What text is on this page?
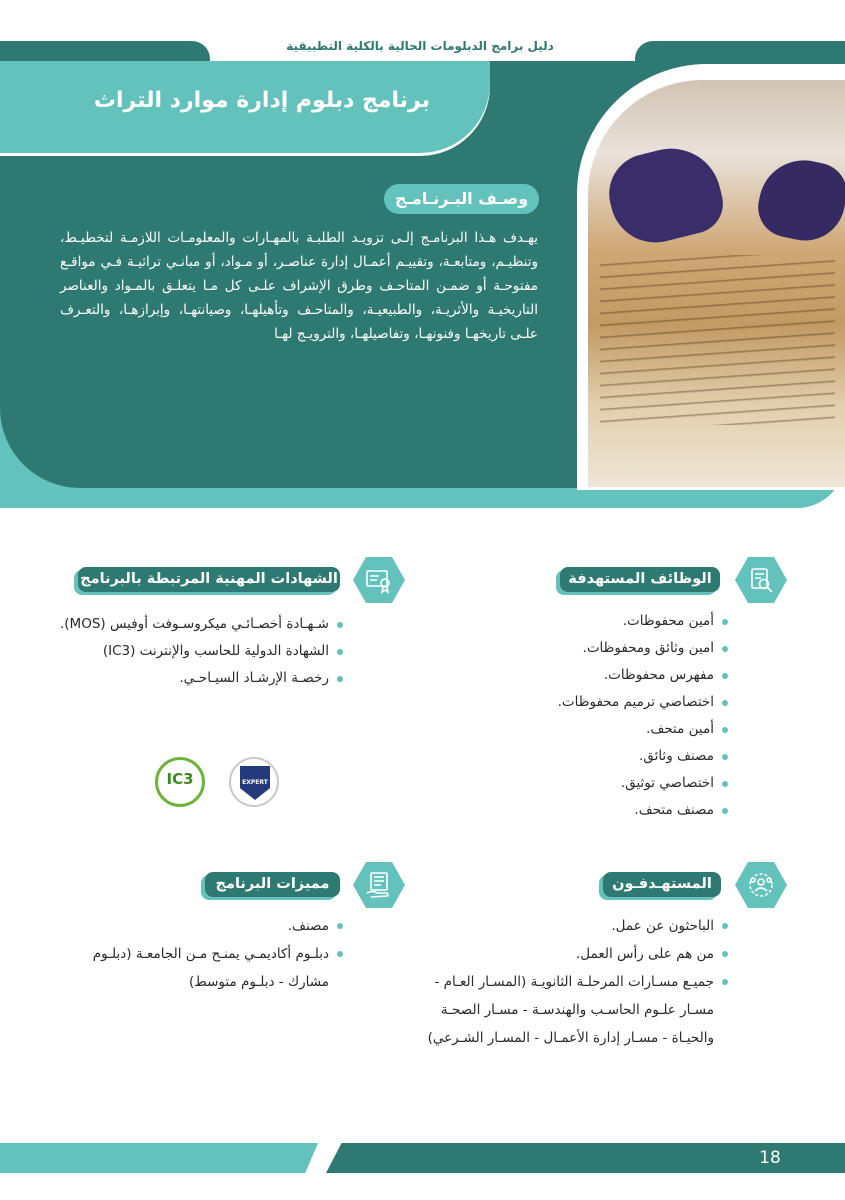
دليل برامج الدبلومات الحالية بالكلية التطبيقية
برنامج دبلوم إدارة موارد التراث
وصـف البـرنـامـج

يهـدف هـذا البرنامـج إلـى تزويـد الطلبـة بالمهـارات والمعلومـات اللازمـة لتخطيـط، وتنظيـم، ومتابعـة، وتقييـم أعمـال إدارة عناصـر، أو مـواد، أو مبانـي تراثيـة فـي مواقـع مفتوحـة أو ضمـن المتاحـف وطرق الإشراف علـى كل مـا يتعلـق بالمـواد والعناصر التاريخيـة والأثريـة، والطبيعيـة، والمتاحـف وتأهيلهـا، وصيانتهـا، وإبرازهـا، والتعـرف علـى تاريخهـا وفنونهـا، وتفاصيلهـا، والترويـج لهـا

الوظائف المستهدفة
أمين محفوظات.
امين وثائق ومحفوظات.
مفهرس محفوظات.
اختصاصي ترميم محفوظات.
أمين متحف.
مصنف وثائق.
اختصاصي توثيق.
مصنف متحف.
الشهادات المهنية المرتبطة بالبرنامج
شـهـادة أخصـائـي ميكروسـوفت أوفيس (MOS).
الشهادة الدولية للحاسب والإنترنت (IC3)
رخصـة الإرشـاد السيـاحـي.
IC3	EXPERT
المستهـدفـون
الباحثون عن عمل.
من هم على رأس العمل.
جميـع مسـارات المرحلـة الثانويـة (المسـار العـام - مسـار علـوم الحاسـب والهندسـة - مسـار الصحـة والحيـاة - مسـار إدارة الأعمـال - المسـار الشـرعي)
مميزات البرنامج
مصنف.
دبلـوم أكاديمـي يمنـح مـن الجامعـة (دبلـوم مشارك - دبلـوم متوسط)
18
